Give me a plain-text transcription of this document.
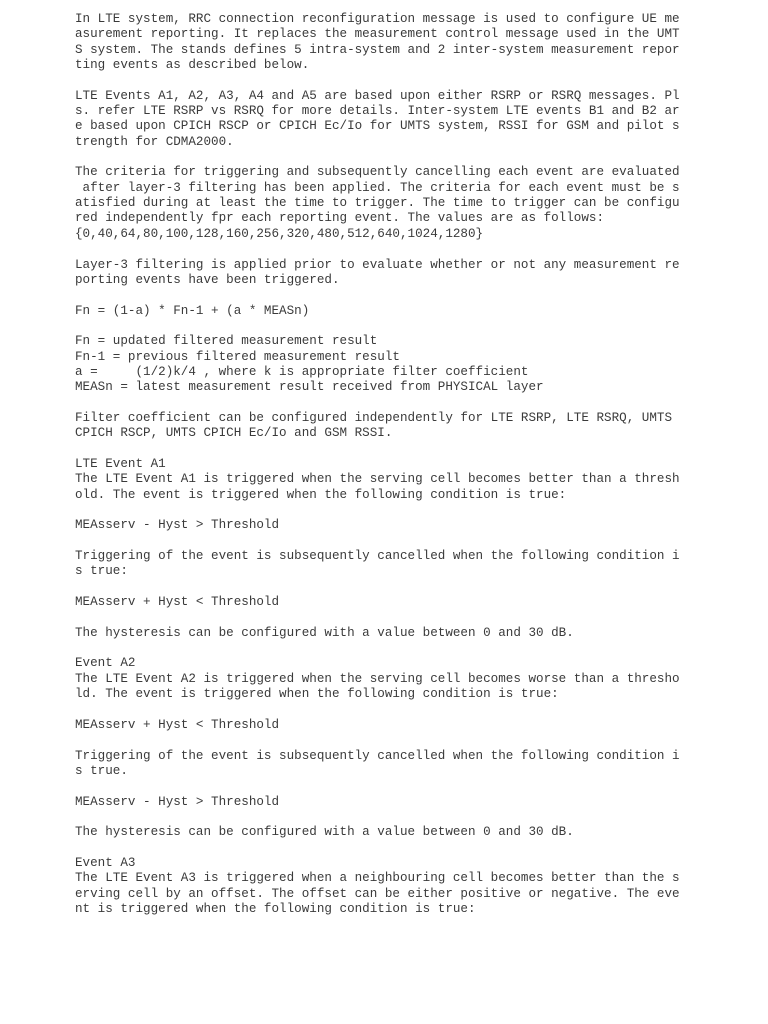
In LTE system, RRC connection reconfiguration message is used to configure UE me
asurement reporting. It replaces the measurement control message used in the UMT
S system. The stands defines 5 intra-system and 2 inter-system measurement repor
ting events as described below.
LTE Events A1, A2, A3, A4 and A5 are based upon either RSRP or RSRQ messages. Pl
s. refer LTE RSRP vs RSRQ for more details. Inter-system LTE events B1 and B2 ar
e based upon CPICH RSCP or CPICH Ec/Io for UMTS system, RSSI for GSM and pilot s
trength for CDMA2000.
The criteria for triggering and subsequently cancelling each event are evaluated
after layer-3 filtering has been applied. The criteria for each event must be s
atisfied during at least the time to trigger. The time to trigger can be configu
red independently fpr each reporting event. The values are as follows:
{0,40,64,80,100,128,160,256,320,480,512,640,1024,1280}
Layer-3 filtering is applied prior to evaluate whether or not any measurement re
porting events have been triggered.
Fn = (1-a) * Fn-1 + (a * MEASn)
Fn = updated filtered measurement result
Fn-1 = previous filtered measurement result
a =     (1/2)k/4 , where k is appropriate filter coefficient
MEASn = latest measurement result received from PHYSICAL layer
Filter coefficient can be configured independently for LTE RSRP, LTE RSRQ, UMTS
CPICH RSCP, UMTS CPICH Ec/Io and GSM RSSI.
LTE Event A1
The LTE Event A1 is triggered when the serving cell becomes better than a thresh
old. The event is triggered when the following condition is true:
MEAsserv - Hyst > Threshold
Triggering of the event is subsequently cancelled when the following condition i
s true:
MEAsserv + Hyst < Threshold
The hysteresis can be configured with a value between 0 and 30 dB.
Event A2
The LTE Event A2 is triggered when the serving cell becomes worse than a thresho
ld. The event is triggered when the following condition is true:
MEAsserv + Hyst < Threshold
Triggering of the event is subsequently cancelled when the following condition i
s true.
MEAsserv - Hyst > Threshold
The hysteresis can be configured with a value between 0 and 30 dB.
Event A3
The LTE Event A3 is triggered when a neighbouring cell becomes better than the s
erving cell by an offset. The offset can be either positive or negative. The eve
nt is triggered when the following condition is true:
